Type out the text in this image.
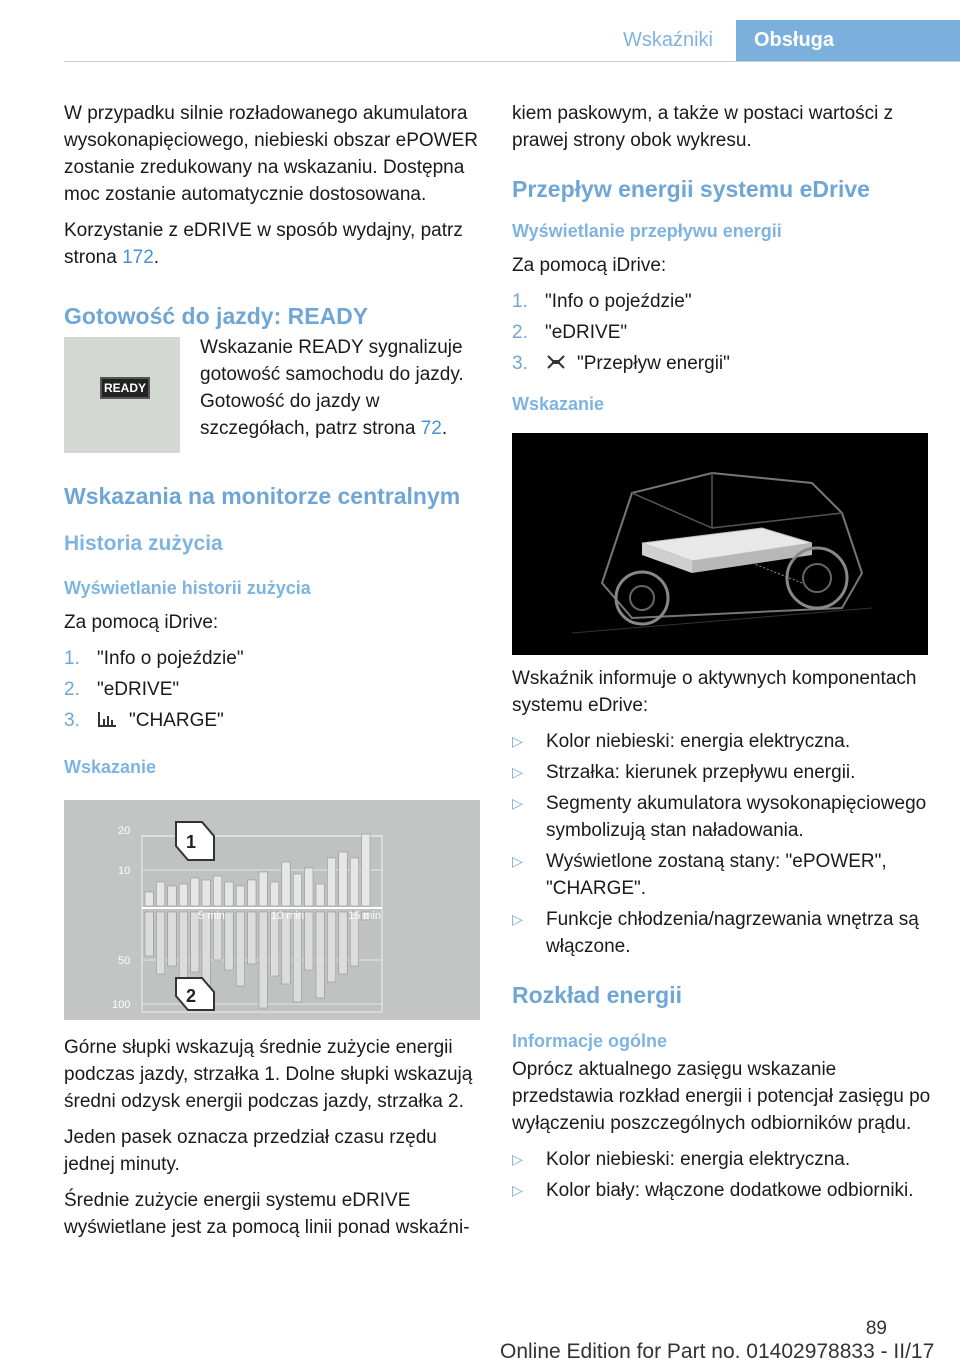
Wskaźniki	Obsługa

W przypadku silnie rozładowanego akumulatora wysokonapięciowego, niebieski obszar ePOWER zostanie zredukowany na wskazaniu. Dostępna moc zostanie automatycznie dostosowana.

Korzystanie z eDRIVE w sposób wydajny, patrz strona 172.

Gotowość do jazdy: READY
READY

Wskazanie READY sygnalizuje gotowość samochodu do jazdy. Gotowość do jazdy w szczegółach, patrz strona 72.

Wskazania na monitorze centralnym
Historia zużycia
Wyświetlanie historii zużycia

Za pomocą iDrive:

1. "Info o pojeździe"
2. "eDRIVE"
3.	"CHARGE"
Wskazanie
20
10
50
100
5 min	10 min	15 min
1
2

Górne słupki wskazują średnie zużycie energii podczas jazdy, strzałka 1. Dolne słupki wskazują średni odzysk energii podczas jazdy, strzałka 2.

Jeden pasek oznacza przedział czasu rzędu jednej minuty.

Średnie zużycie energii systemu eDRIVE wyświetlane jest za pomocą linii ponad wskaźni-

kiem paskowym, a także w postaci wartości z prawej strony obok wykresu.

Przepływ energii systemu eDrive
Wyświetlanie przepływu energii

Za pomocą iDrive:

1. "Info o pojeździe"
2. "eDRIVE"
3.	"Przepływ energii"
Wskazanie

Wskaźnik informuje o aktywnych komponentach systemu eDrive:

▷ Kolor niebieski: energia elektryczna.
▷ Strzałka: kierunek przepływu energii.
▷ Segmenty akumulatora wysokonapięciowego symbolizują stan naładowania.
▷ Wyświetlone zostaną stany: "ePOWER", "CHARGE".
▷ Funkcje chłodzenia/nagrzewania wnętrza są włączone.
Rozkład energii
Informacje ogólne

Oprócz aktualnego zasięgu wskazanie przedstawia rozkład energii i potencjał zasięgu po wyłączeniu poszczególnych odbiorników prądu.

▷ Kolor niebieski: energia elektryczna.
▷ Kolor biały: włączone dodatkowe odbiorniki.
89
Online Edition for Part no. 01402978833 - II/17
